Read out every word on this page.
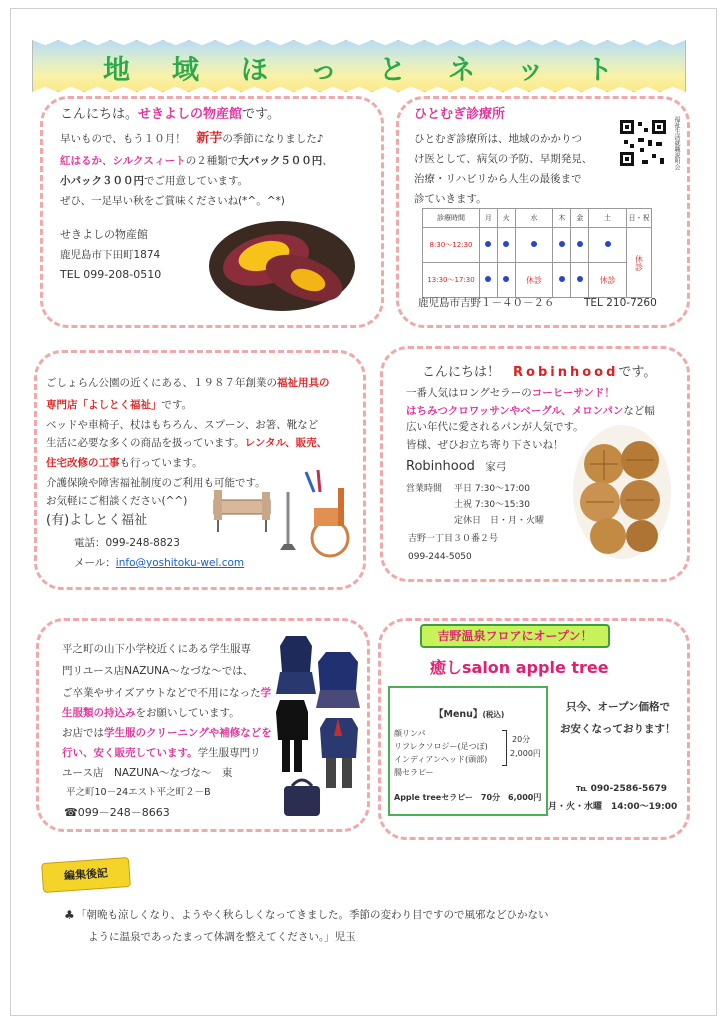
地域ほっとネット
こんにちは。せきよしの物産館です。
早いもので、もう１０月！　 新芋の季節になりました♪
紅はるか、シルクスィートの２種類で大パック５００円、
小パック３００円でご用意しています。
ぜひ、一足早い秋をご賞味くださいね(*^。^*)
せきよしの物産館
鹿児島市下田町1874
TEL 099-208-0510
ひとむぎ診療所
ひとむぎ診療所は、地域のかかりつ
け医として、病気の予防、早期発見、
治療・リハビリから人生の最後まで
診ていきます。
福祉生活就職説明会
診療時間	月	火	水	木	金	土	日・祝
8:30〜12:30							休診
13:30〜17:30			休診			休診	
鹿児島市吉野１－４０－２６	TEL 210-7260
ごしょらん公園の近くにある、１９８７年創業の福祉用具の
専門店「よしとく福祉」です。
ベッドや車椅子、杖はもちろん、スプーン、お箸、靴など
生活に必要な多くの商品を扱っています。レンタル、販売、
住宅改修の工事も行っています。
介護保険や障害福祉制度のご利用も可能です。
お気軽にご相談ください(^^)
(有)よしとく福祉
電話：099-248-8823
メール：info@yoshitoku-wel.com
こんにちは！　 Robinhoodです。
一番人気はロングセラーのコーヒーサンド！
はちみつクロワッサンやベーグル、メロンパンなど幅
広い年代に愛されるパンが人気です。
皆様、ぜひお立ち寄り下さいね！
Robinhood　 家弓
営業時間 平日 7:30〜17:00
土祝 7:30〜15:30
定休日　日・月・火曜
吉野一丁目３０番２号
099-244-5050
平之町の山下小学校近くにある学生服専
門リユース店NAZUNA〜なづな〜では、
ご卒業やサイズアウトなどで不用になった学
生服類の持込みをお願いしています。
お店では学生服のクリーニングや補修などを
行い、安く販売しています。学生服専門リ
ユース店　NAZUNA〜なづな〜　東
平之町10－24エスト平之町２－B
☎099－248－8663
吉野温泉フロアにオープン！
癒しsalon apple tree
【Menu】(税込)
顔リンパ
リフレクソロジー(足つぼ)
インディアンヘッド(頭部)
腸セラピー
20分
2,000円
Apple treeセラピー　70分　6,000円
只今、オープン価格で
お安くなっております！
℡ 090-2586-5679
月・火・水曜　14:00〜19:00
編集後記
♣ 「朝晩も涼しくなり、ようやく秋らしくなってきました。季節の変わり目ですので風邪などひかない
ように温泉であったまって体調を整えてください。」児玉
